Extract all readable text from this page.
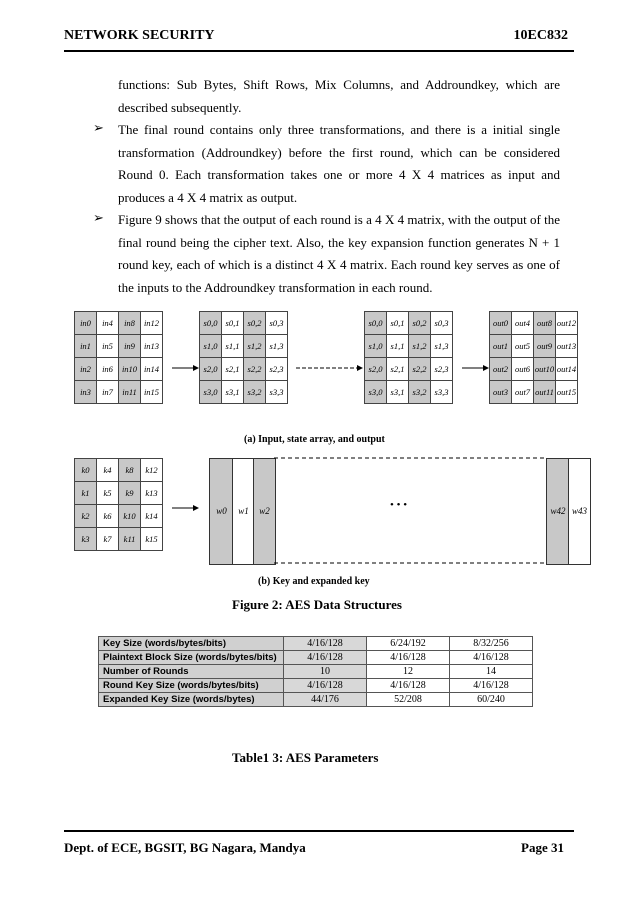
NETWORK SECURITY	10EC832
functions: Sub Bytes, Shift Rows, Mix Columns, and Addroundkey, which are described subsequently.
➢ The final round contains only three transformations, and there is a initial single transformation (Addroundkey) before the first round, which can be considered Round 0. Each transformation takes one or more 4 X 4 matrices as input and produces a 4 X 4 matrix as output.
➢ Figure 9 shows that the output of each round is a 4 X 4 matrix, with the output of the final round being the cipher text. Also, the key expansion function generates N + 1 round key, each of which is a distinct 4 X 4 matrix. Each round key serves as one of the inputs to the Addroundkey transformation in each round.
in0	in4	in8	in12
in1	in5	in9	in13
in2	in6	in10	in14
in3	in7	in11	in15
s0,0	s0,1	s0,2	s0,3
s1,0	s1,1	s1,2	s1,3
s2,0	s2,1	s2,2	s2,3
s3,0	s3,1	s3,2	s3,3
s0,0	s0,1	s0,2	s0,3
s1,0	s1,1	s1,2	s1,3
s2,0	s2,1	s2,2	s2,3
s3,0	s3,1	s3,2	s3,3
out0	out4	out8	out12
out1	out5	out9	out13
out2	out6	out10	out14
out3	out7	out11	out15
k0	k4	k8	k12
k1	k5	k9	k13
k2	k6	k10	k14
k3	k7	k11	k15
w0	w1	w2	w42 w43
• • •
(a) Input, state array, and output
(b) Key and expanded key
Figure 2: AES Data Structures
Key Size (words/bytes/bits)	4/16/128	6/24/192	8/32/256
Plaintext Block Size (words/bytes/bits)	4/16/128	4/16/128	4/16/128
Number of Rounds	10	12	14
Round Key Size (words/bytes/bits)	4/16/128	4/16/128	4/16/128
Expanded Key Size (words/bytes)	44/176	52/208	60/240
Table1 3: AES Parameters
Dept. of ECE, BGSIT, BG Nagara, Mandya	Page 31
